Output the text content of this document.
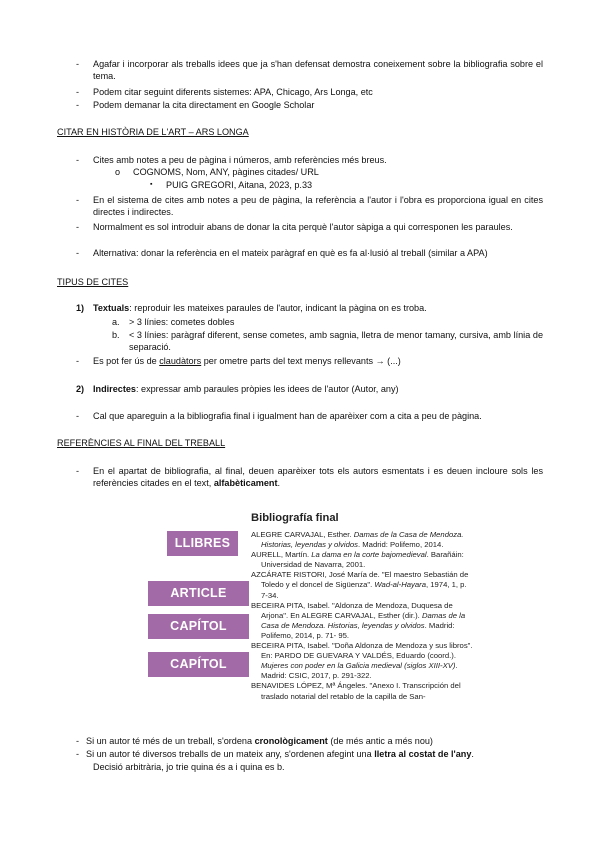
- Agafar i incorporar als treballs idees que ja s'han defensat demostra coneixement sobre la bibliografia sobre el tema.
- Podem citar seguint diferents sistemes: APA, Chicago, Ars Longa, etc
- Podem demanar la cita directament en Google Scholar
CITAR EN HISTÒRIA DE L'ART – ARS LONGA
- Cites amb notes a peu de pàgina i números, amb referències més breus.
o COGNOMS, Nom, ANY, pàgines citades/ URL
▪ PUIG GREGORI, Aitana, 2023, p.33
- En el sistema de cites amb notes a peu de pàgina, la referència a l'autor i l'obra es proporciona igual en cites directes i indirectes.
- Normalment es sol introduir abans de donar la cita perquè l'autor sàpiga a qui corresponen les paraules.
- Alternativa: donar la referència en el mateix paràgraf en què es fa al·lusió al treball (similar a APA)
TIPUS DE CITES
1) Textuals: reproduir les mateixes paraules de l'autor, indicant la pàgina on es troba.
a. > 3 línies: cometes dobles
b. < 3 línies: paràgraf diferent, sense cometes, amb sagnia, lletra de menor tamany, cursiva, amb línia de separació.
- Es pot fer ús de claudàtors per ometre parts del text menys rellevants → (...)
2) Indirectes: expressar amb paraules pròpies les idees de l'autor (Autor, any)
- Cal que apareguin a la bibliografia final i igualment han de aparèixer com a cita a peu de pàgina.
REFERÈNCIES AL FINAL DEL TREBALL
- En el apartat de bibliografia, al final, deuen aparèixer tots els autors esmentats i es deuen incloure sols les referències citades en el text, alfabèticament.
LLIBRES
ARTICLE
CAPÍTOL
CAPÍTOL
Bibliografía final

ALEGRE CARVAJAL, Esther. Damas de la Casa de Mendoza. Historias, leyendas y olvidos. Madrid: Polifemo, 2014.

AURELL, Martín. La dama en la corte bajomedieval. Barañáin: Universidad de Navarra, 2001.

AZCÁRATE RISTORI, José María de. "El maestro Sebastián de Toledo y el doncel de Sigüenza". Wad-al-Hayara, 1974, 1, p. 7-34.

BECEIRA PITA, Isabel. "Aldonza de Mendoza, Duquesa de Arjona". En ALEGRE CARVAJAL, Esther (dir.). Damas de la Casa de Mendoza. Historias, leyendas y olvidos. Madrid: Polifemo, 2014, p. 71- 95.

BECEIRA PITA, Isabel. "Doña Aldonza de Mendoza y sus libros". En: PARDO DE GUEVARA Y VALDÉS, Eduardo (coord.). Mujeres con poder en la Galicia medieval (siglos XIII-XV). Madrid: CSIC, 2017, p. 291-322.

BENAVIDES LÓPEZ, Mª Ángeles. "Anexo I. Transcripción del traslado notarial del retablo de la capilla de San-

- Si un autor té més de un treball, s'ordena cronològicament (de més antic a més nou)
- Si un autor té diversos treballs de un mateix any, s'ordenen afegint una lletra al costat de l'any.
Decisió arbitrària, jo trie quina és a i quina es b.
